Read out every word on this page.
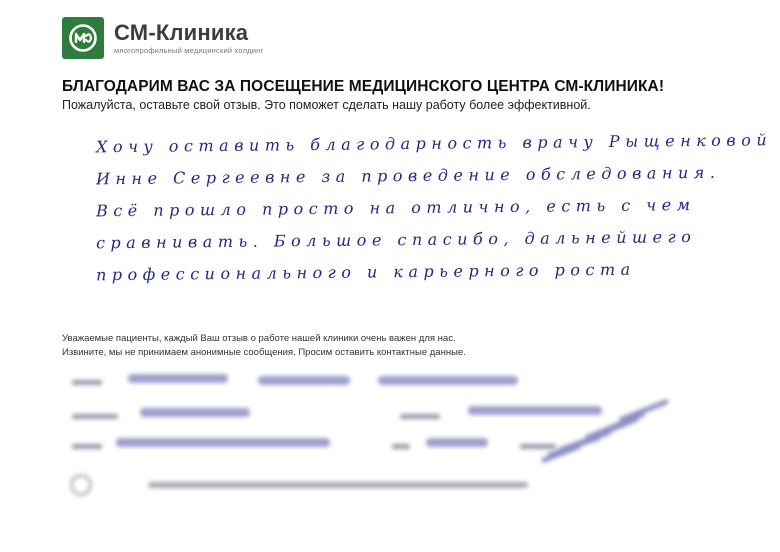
СМ-Клиника
многопрофильный медицинский холдинг
БЛАГОДАРИМ ВАС ЗА ПОСЕЩЕНИЕ МЕДИЦИНСКОГО ЦЕНТРА СМ-КЛИНИКА!
Пожалуйста, оставьте свой отзыв. Это поможет сделать нашу работу более эффективной.
Хочу оставить благодарность врачу Рыщенковой
Инне Сергеевне за проведение обследования.
Всё прошло просто на отлично, есть с чем
сравнивать. Большое спасибо, дальнейшего
профессионального и карьерного роста
Уважаемые пациенты, каждый Ваш отзыв о работе нашей клиники очень важен для нас.
Извините, мы не принимаем анонимные сообщения. Просим оставить контактные данные.
